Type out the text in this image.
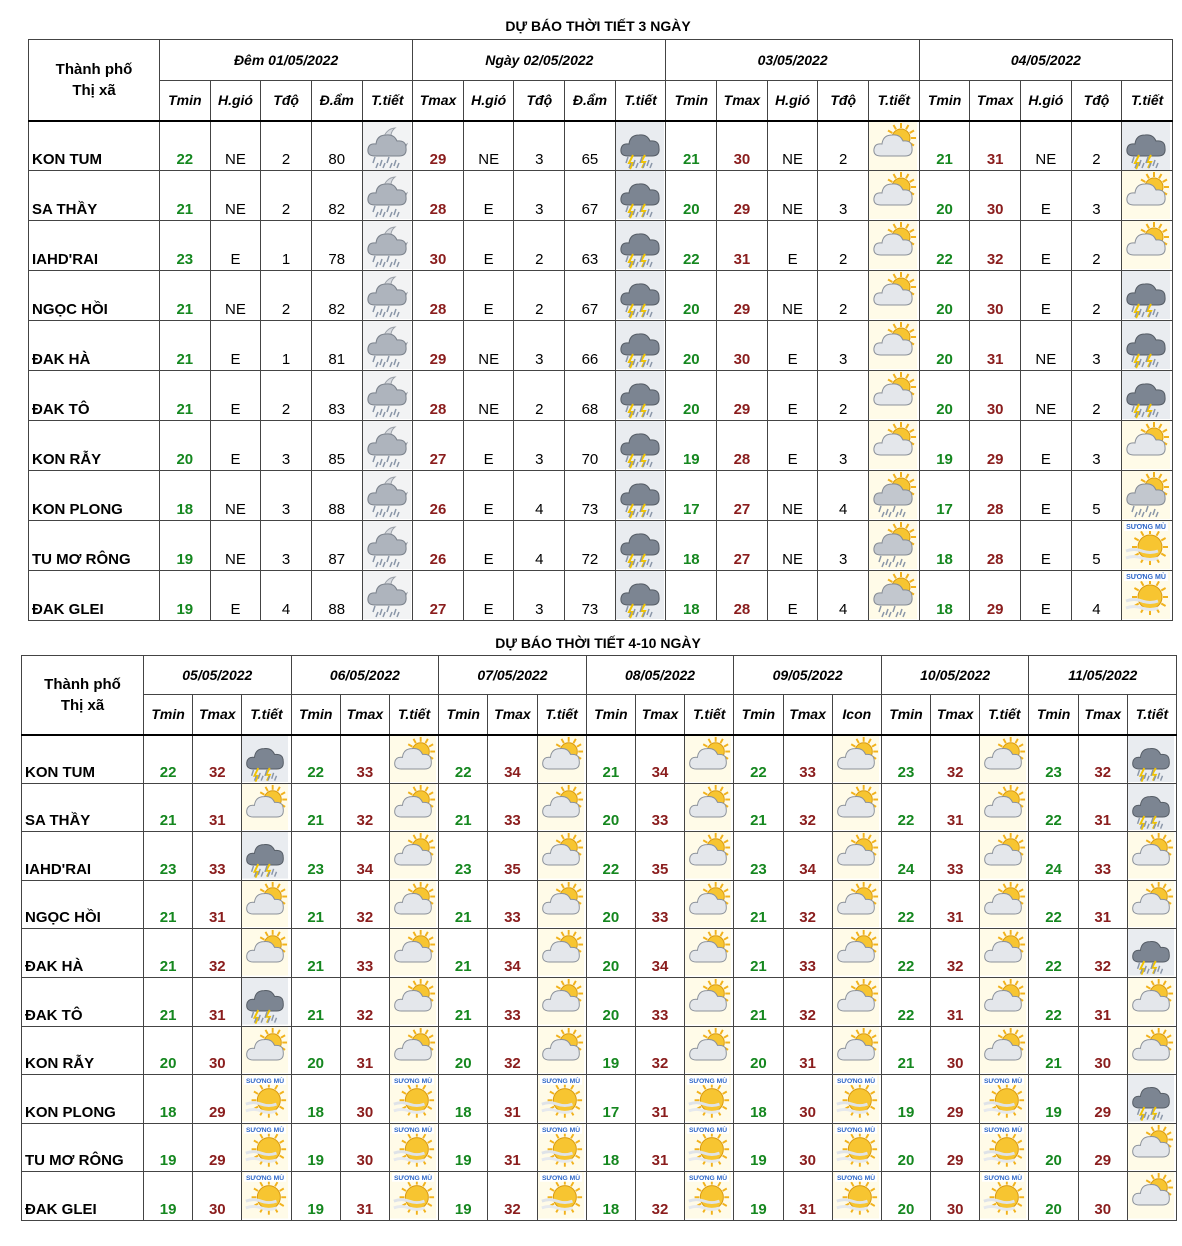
DỰ BÁO THỜI TIẾT 3 NGÀY
Thành phố
Thị xã	Đêm 01/05/2022					Ngày 02/05/2022					03/05/2022					04/05/2022				
	Tmin	H.gió	Tđộ	Đ.ẩm	T.tiết	Tmax	H.gió	Tđộ	Đ.ẩm	T.tiết	Tmin	Tmax	H.gió	Tđộ	T.tiết	Tmin	Tmax	H.gió	Tđộ	T.tiết
KON TUM	22	NE	2	80		29	NE	3	65		21	30	NE	2		21	31	NE	2	

SA THẦY	21	NE	2	82		28	E	3	67		20	29	NE	3		20	30	E	3	

IAHD'RAI	23	E	1	78		30	E	2	63		22	31	E	2		22	32	E	2	

NGỌC HỒI	21	NE	2	82		28	E	2	67		20	29	NE	2		20	30	E	2	

ĐAK HÀ	21	E	1	81		29	NE	3	66		20	30	E	3		20	31	NE	3	

ĐAK TÔ	21	E	2	83		28	NE	2	68		20	29	E	2		20	30	NE	2	

KON RẪY	20	E	3	85		27	E	3	70		19	28	E	3		19	29	E	3	

KON PLONG	18	NE	3	88		26	E	4	73		17	27	NE	4		17	28	E	5	

TU MƠ RÔNG	19	NE	3	87		26	E	4	72		18	27	NE	3		18	28	E	5	SƯƠNG MÙ

ĐAK GLEI	19	E	4	88		27	E	3	73		18	28	E	4		18	29	E	4	SƯƠNG MÙ
DỰ BÁO THỜI TIẾT 4-10 NGÀY
Thành phố
Thị xã	05/05/2022			06/05/2022			07/05/2022			08/05/2022			09/05/2022			10/05/2022			11/05/2022		
	Tmin	Tmax	T.tiết	Tmin	Tmax	T.tiết	Tmin	Tmax	T.tiết	Tmin	Tmax	T.tiết	Tmin	Tmax	Icon	Tmin	Tmax	T.tiết	Tmin	Tmax	T.tiết
KON TUM	22	32		22	33		22	34		21	34		22	33		23	32		23	32	

SA THẦY	21	31		21	32		21	33		20	33		21	32		22	31		22	31	

IAHD'RAI	23	33		23	34		23	35		22	35		23	34		24	33		24	33	

NGỌC HỒI	21	31		21	32		21	33		20	33		21	32		22	31		22	31	

ĐAK HÀ	21	32		21	33		21	34		20	34		21	33		22	32		22	32	

ĐAK TÔ	21	31		21	32		21	33		20	33		21	32		22	31		22	31	

KON RẪY	20	30		20	31		20	32		19	32		20	31		21	30		21	30	

KON PLONG	18	29	SƯƠNG MÙ	18	30	SƯƠNG MÙ	18	31	SƯƠNG MÙ	17	31	SƯƠNG MÙ	18	30	SƯƠNG MÙ	19	29	SƯƠNG MÙ	19	29	

TU MƠ RÔNG	19	29	SƯƠNG MÙ	19	30	SƯƠNG MÙ	19	31	SƯƠNG MÙ	18	31	SƯƠNG MÙ	19	30	SƯƠNG MÙ	20	29	SƯƠNG MÙ	20	29	

ĐAK GLEI	19	30	SƯƠNG MÙ	19	31	SƯƠNG MÙ	19	32	SƯƠNG MÙ	18	32	SƯƠNG MÙ	19	31	SƯƠNG MÙ	20	30	SƯƠNG MÙ	20	30	
